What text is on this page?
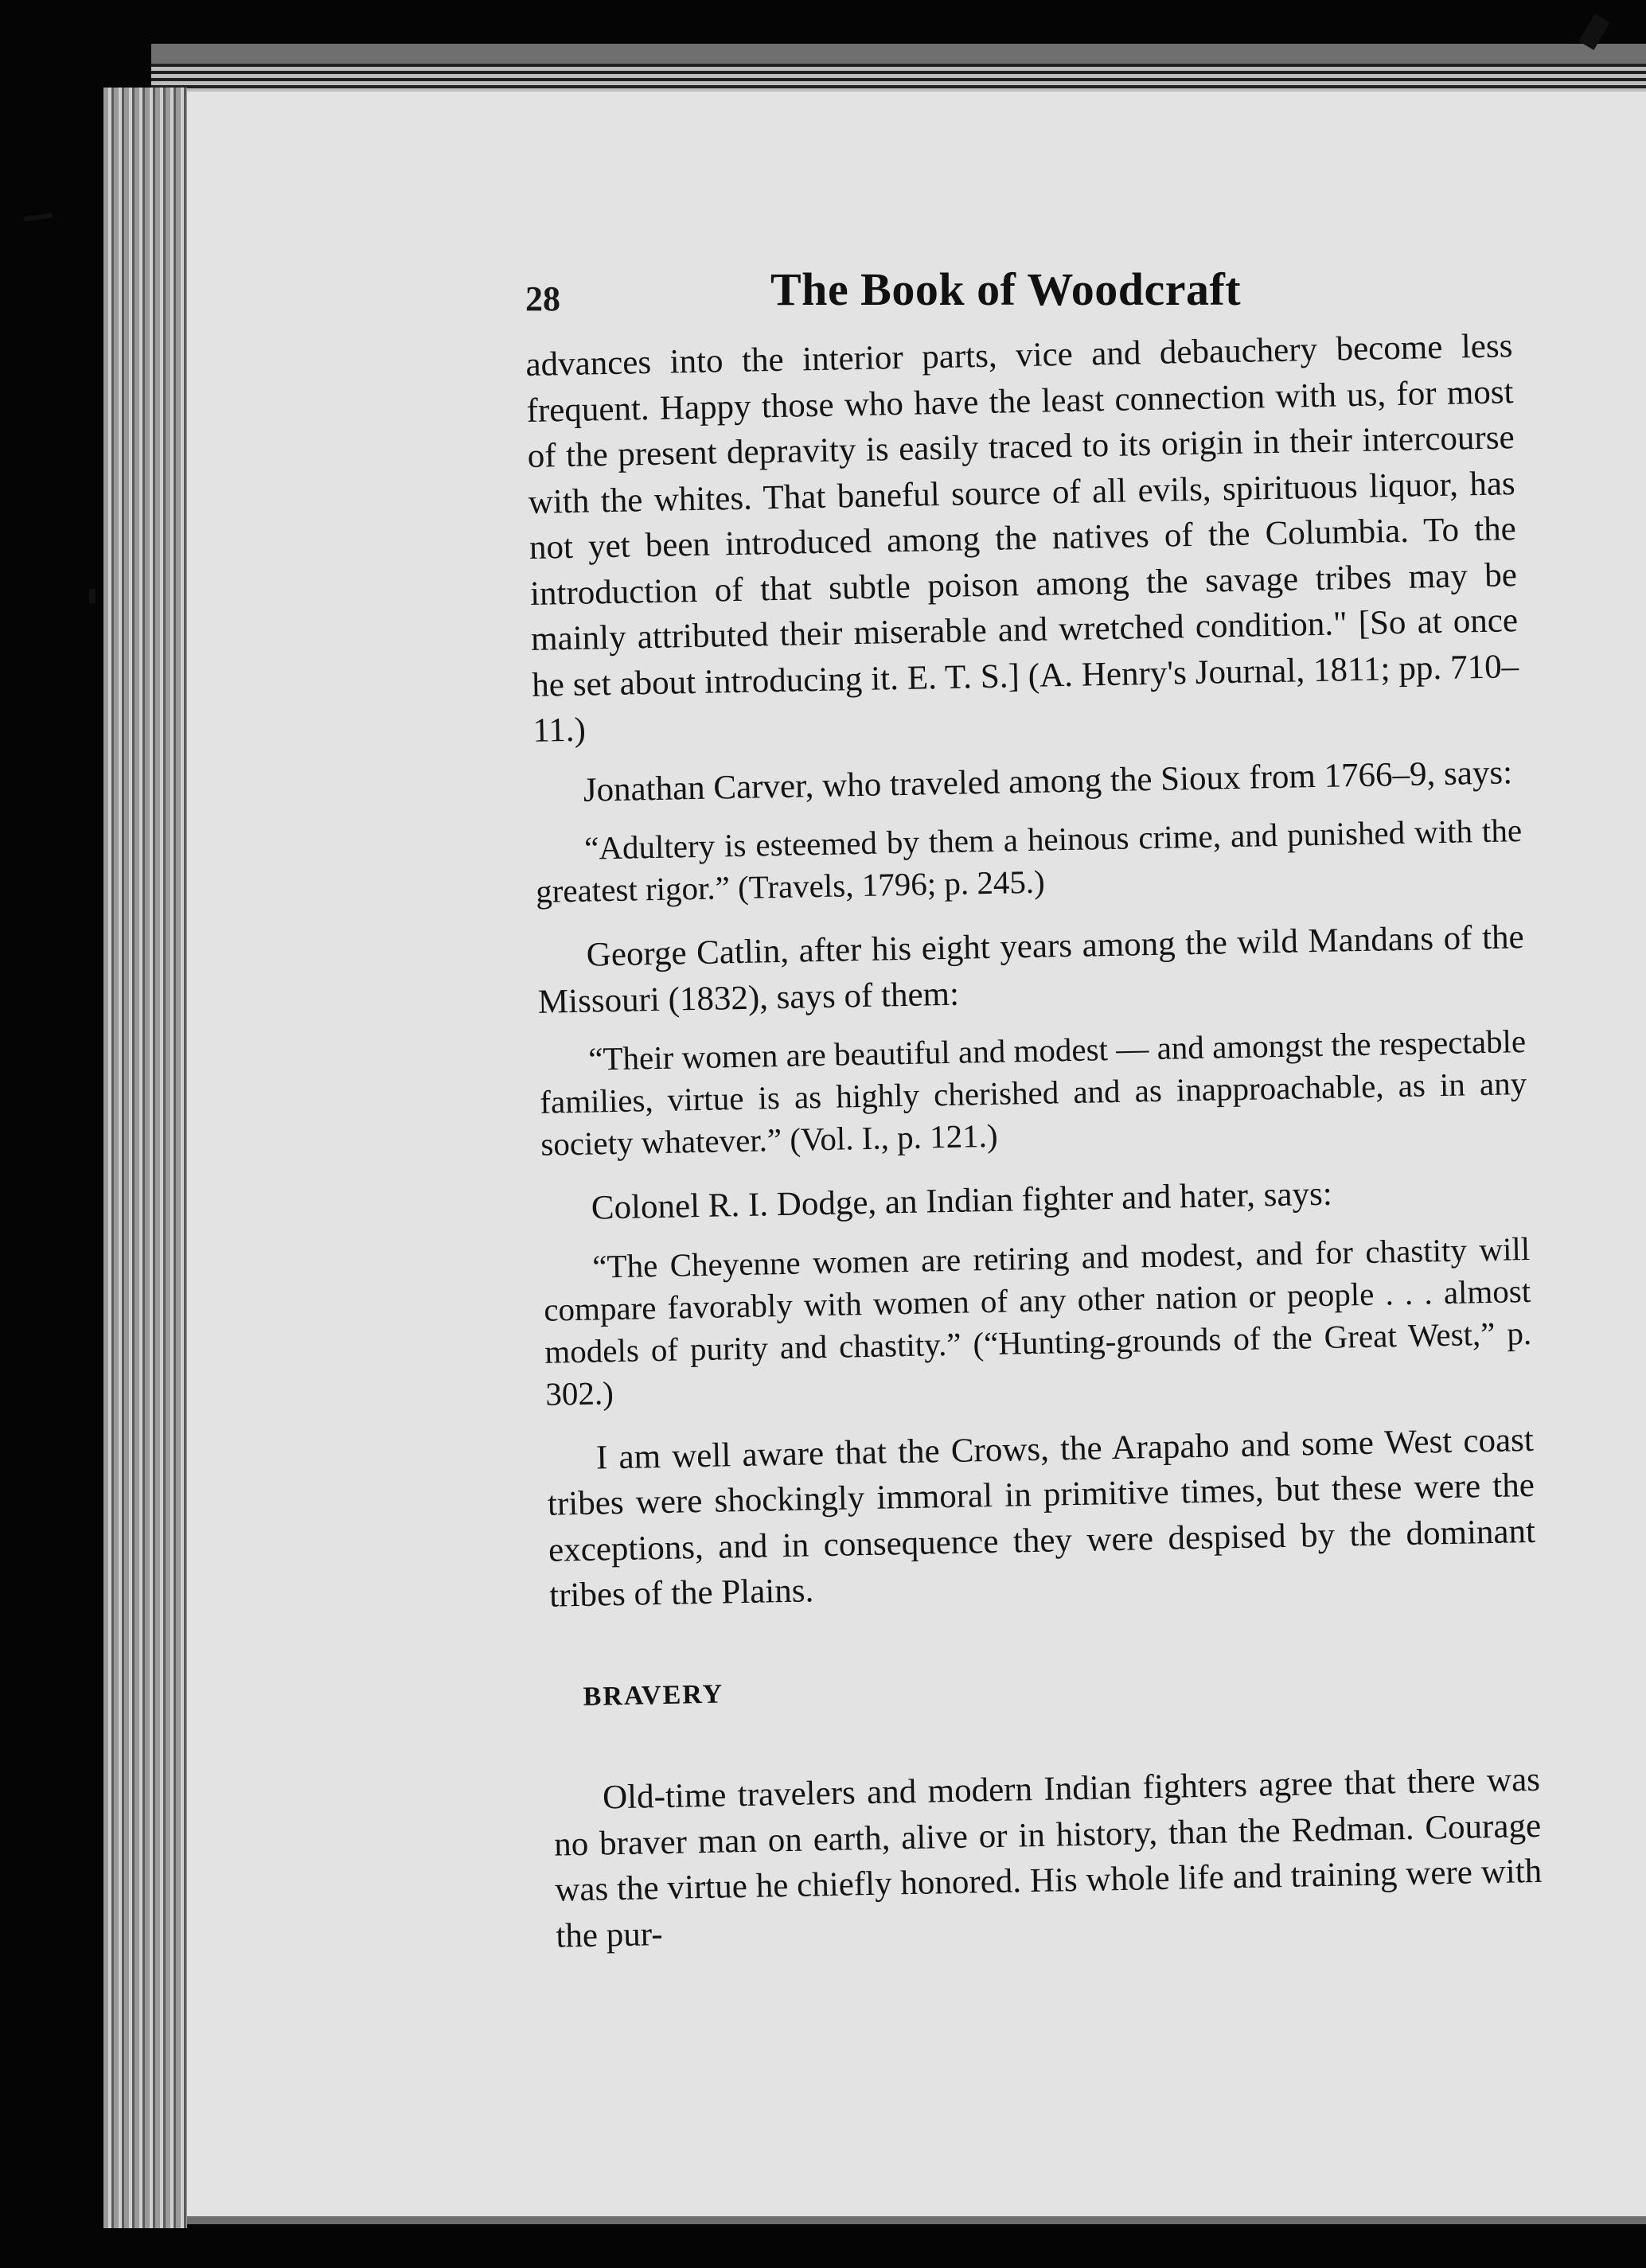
28	The Book of Woodcraft

advances into the interior parts, vice and debauchery become less frequent. Happy those who have the least connection with us, for most of the present depravity is easily traced to its origin in their intercourse with the whites. That baneful source of all evils, spirituous liquor, has not yet been introduced among the natives of the Columbia. To the introduction of that subtle poison among the savage tribes may be mainly attributed their miserable and wretched condition." [So at once he set about introducing it. E. T. S.] (A. Henry's Journal, 1811; pp. 710–11.)

Jonathan Carver, who traveled among the Sioux from 1766–9, says:

“Adultery is esteemed by them a heinous crime, and punished with the greatest rigor.” (Travels, 1796; p. 245.)

George Catlin, after his eight years among the wild Mandans of the Missouri (1832), says of them:

“Their women are beautiful and modest — and amongst the respectable families, virtue is as highly cherished and as inapproachable, as in any society whatever.” (Vol. I., p. 121.)

Colonel R. I. Dodge, an Indian fighter and hater, says:

“The Cheyenne women are retiring and modest, and for chastity will compare favorably with women of any other nation or people . . . almost models of purity and chastity.” (“Hunting-grounds of the Great West,” p. 302.)

I am well aware that the Crows, the Arapaho and some West coast tribes were shockingly immoral in primitive times, but these were the exceptions, and in consequence they were despised by the dominant tribes of the Plains.

BRAVERY

Old-time travelers and modern Indian fighters agree that there was no braver man on earth, alive or in history, than the Redman. Courage was the virtue he chiefly honored. His whole life and training were with the pur-
